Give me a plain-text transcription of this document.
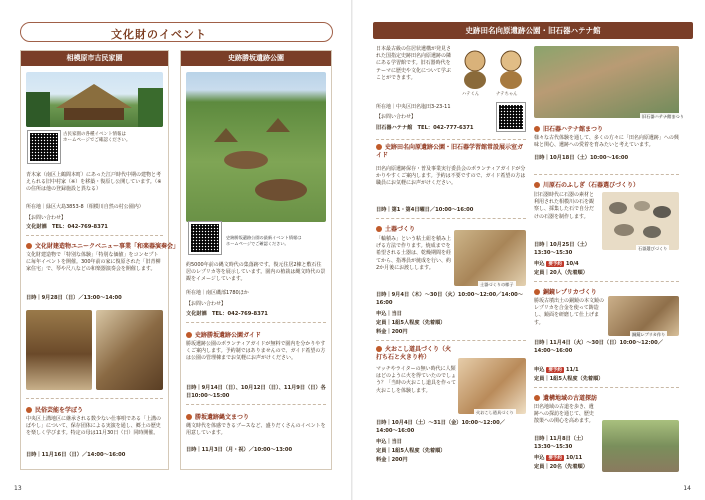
文化財のイベント
相模原市古民家園
古民家園の各種イベント情報は
ホームページでご確認ください。
青木家（南区上鶴間本町）にあった江戸時代中期の建物と考えられる旧中村家（※）を移築・復原し公開しています。（※の住所は他の登録施設と異なる）
所在地｜緑区大島3853-8（相模川自然の村公園内）
【お問い合わせ】
文化財課　TEL：042-769-8371
文化財建造物ユニークベニュー事業「和楽器演奏会」
文化財建造物で「特別な体験」「特別な価値」をコンセプトに毎年イベントを開催。300年前の家に復原された「旧青柳家住宅」で、琴や尺八などの和楽器演奏会を開催します。
日時｜9月28日（日）／13:00〜14:00
民俗芸能を学ぼう
中央区上溝地区に継承される数少ない仕事唄である「上溝のばやし」について、保存団体による実演を通し、郷土の歴史を楽しく学びます。特定の母は11月30日（日）同時開催。
日時｜11月16日（日）／14:00〜16:00
史跡勝坂遺跡公園
史跡勝坂遺跡公園の最新イベント情報は
ホームページでご確認ください。
約5000年前の縄文時代の集落跡です。復元住居2棟と敷石住居のレプリカ等を展示しています。園内の植栽は縄文時代の景観をイメージしています。
所在地｜南区磯部1780ほか
【お問い合わせ】
文化財課　TEL：042-769-8371
史跡勝坂遺跡公園ガイド
勝坂遺跡公園のボランティアガイドが無料で園内を分かりやすくご案内します。予約制ではありませんので、ガイド希望の方は公園の管理棟までお気軽にお声がけください。
日時｜9月14日（日）、10月12日（日）、11月9日（日）各日10:00〜15:00
勝坂遺跡縄文まつり
縄文時代を体感できるブースなど、盛りだくさんのイベントを用意しています。
日時｜11月3日（月・祝）／10:00〜13:00
13	14
史跡田名向原遺跡公園・旧石器ハテナ館
日本最古級の住居状遺構が発見された国指定史跡田名向原遺跡の隣にある学習館です。旧石器時代をテーマに歴史や文化について学ぶことができます。
所在地｜中央区田名塩田3-23-11
【お問い合わせ】
旧石器ハテナ館　TEL：042-777-6371
ハテくん	ナテちゃん
史跡田名向原遺跡公園・旧石器学習館常設展示室ガイド
田名向原遺跡保存・普及事業実行委員会のボランティアガイドが分かりやすくご案内します。予約は不要ですので、ガイド希望の方は職員にお気軽にお声がけください。
日時｜第1・第4日曜日／10:00〜16:00
土器づくり
「輪積み」という粘土紐を積み上げる方法で作ります。焼成までを希望される土器は、乾燥期間を経てから、指導員が焼成を行い、約2か月後にお渡しします。
土器づくりの様子
日時｜9月4日（木）〜30日（火）10:00〜12:00／14:00〜16:00
申込｜当日
定員｜1組5人程度（先着順）
料金｜200円
火おこし道具づくり（火打ち石と火きり杵）
マッチやライターの無い時代に人類はどのように火を得ていたのでしょう？「当時の火おこし道具を作って火おこしを体験します。
火おこし道具づくり
日時｜10月4日（土）〜31日（金）10:00〜12:00／14:00〜16:00
申込｜当日
定員｜1組5人程度（先着順）
料金｜200円
旧石器ハテナ館まつり
旧石器ハテナ館まつり
様々な古代体験を通して、多くの方々に「田名向原遺跡」への興味と関心、遺跡への愛着を育みたいと考えています。
日時｜10月18日（土）10:00〜16:00
川原石のふしぎ（石器選びづくり）
旧石器時代に石器の素材と利用された相模川の石を観察し、採集した石で自分だけの石器を制作します。
石器選びづくり
日時｜10月25日（土）13:30〜15:30
申込 要予約 10/4
定員｜20人（先着順）
銅鏡レプリカづくり
勝坂古墳出土の銅鏡の本文鏡のレプリカを合金を使って鋳造し、鏡面を研磨して仕上げます。
銅鏡レプリカ作り
日時｜11月4日（火）〜30日（日）10:00〜12:00／14:00〜16:00
申込 要予約 11/1
定員｜1組5人程度（先着順）
遺構地域の古道探訪
田名地域の古道を歩き、遺跡への探訪を通じて、歴史散策への関心を高めます。
日時｜11月8日（土）13:30〜15:30
申込 要予約 10/11
定員｜20名（先着順）
